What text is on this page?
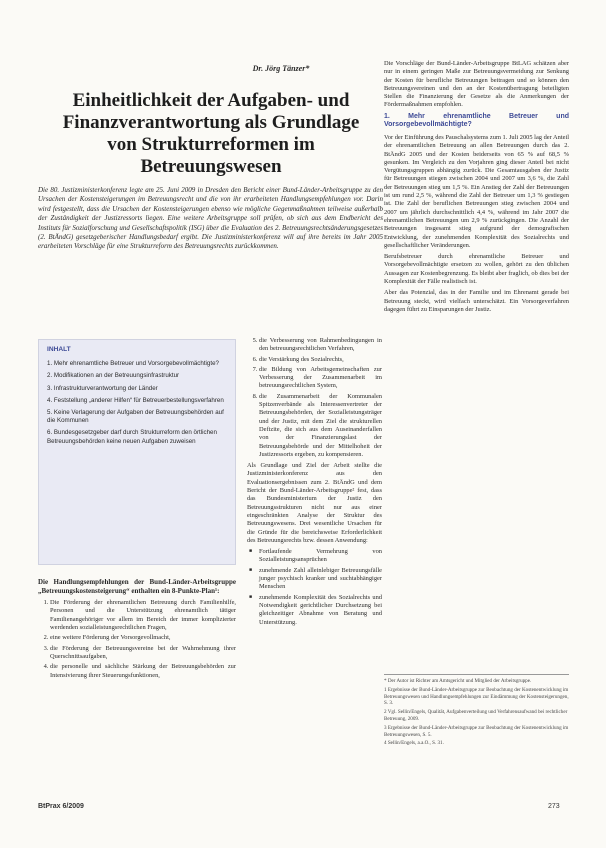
Dr. Jörg Tänzer*
Einheitlichkeit der Aufgaben- und
Finanzverantwortung als Grundlage
von Strukturreformen im
Betreuungswesen
Die 80. Justizministerkonferenz legte am 25. Juni 2009 in Dresden den Bericht einer Bund-Länder-Arbeitsgruppe zu den Ursachen der Kostensteigerungen im Betreuungsrecht und die von ihr erarbeiteten Handlungsempfehlungen vor. Darin wird festgestellt, dass die Ursachen der Kostensteigerungen ebenso wie mögliche Gegenmaßnahmen teilweise außerhalb der Zuständigkeit der Justizressorts liegen. Eine weitere Arbeitsgruppe soll prüfen, ob sich aus dem Endbericht des Instituts für Sozialforschung und Gesellschaftspolitik (ISG) über die Evaluation des 2. Betreuungsrechtsänderungsgesetzes (2. BtÄndG) gesetzgeberischer Handlungsbedarf ergibt. Die Justizministerkonferenz will auf ihre bereits im Jahr 2005 erarbeiteten Vorschläge für eine Strukturreform des Betreuungsrechts zurückkommen.
INHALT
1. Mehr ehrenamtliche Betreuer und Vorsorgebevollmächtigte?
2. Modifikationen an der Betreuungsinfrastruktur
3. Infrastrukturverantwortung der Länder
4. Feststellung „anderer Hilfen“ für Betreuerbestellungsverfahren
5. Keine Verlagerung der Aufgaben der Betreuungsbehörden auf die Kommunen
6. Bundesgesetzgeber darf durch Strukturreform den örtlichen Betreuungsbehörden keine neuen Aufgaben zuweisen
Die Handlungsempfehlungen der Bund-Länder-Arbeitsgruppe „Betreuungskostensteigerung“ enthalten ein 8-Punkte-Plan¹:
1. Die Förderung der ehrenamtlichen Betreuung durch Familienhilfe, Personen und die Unterstützung ehrenamtlich tätiger Familienangehöriger vor allem im Bereich der immer komplizierter werdenden sozialleistungsrechtlichen Fragen,
2. eine weitere Förderung der Vorsorgevollmacht,
3. die Förderung der Betreuungsvereine bei der Wahrnehmung ihrer Querschnittsaufgaben,
4. die personelle und sächliche Stärkung der Betreuungsbehörden zur Intensivierung ihrer Steuerungsfunktionen,
5. die Verbesserung von Rahmenbedingungen in den betreuungsrechtlichen Verfahren,
6. die Verstärkung des Sozialrechts,
7. die Bildung von Arbeitsgemeinschaften zur Verbesserung der Zusammenarbeit im betreuungsrechtlichen System,
8. die Zusammenarbeit der Kommunalen Spitzenverbände als Interessenvertreter der Betreuungsbehörden, der Sozialleistungsträger und der Justiz, mit dem Ziel die strukturellen Defizite, die sich aus dem Auseinanderfallen von der Finanzierungslast der Betreuungsbehörde und der Mittelhoheit der Justizressorts ergeben, zu kompensieren.

Als Grundlage und Ziel der Arbeit stellte die Justizministerkonferenz aus den Evaluationsergebnissen zum 2. BtÄndG und dem Bericht der Bund-Länder-Arbeitsgruppe² fest, dass das Bundesministerium der Justiz den Betreuungsstrukturen nicht nur aus einer eingeschränkten Analyse der Struktur des Betreuungswesens. Drei wesentliche Ursachen für die Gründe für die bereichsweise Erforderlichkeit des Betreuungsrechts bzw. dessen Anwendung:

■ Fortlaufende Vermehrung von Sozialleistungsansprüchen
■ zunehmende Zahl alleinlebiger Betreuungsfälle junger psychisch kranker und suchtabhängiger Menschen
■ zunehmende Komplexität des Sozialrechts und Notwendigkeit gerichtlicher Durchsetzung bei gleichzeitiger Abnahme von Beratung und Unterstützung.

Die Vorschläge der Bund-Länder-Arbeitsgruppe BtLAG schätzen aber nur in einem geringen Maße zur Betreuungsvermeidung zur Senkung der Kosten für berufliche Betreuungen beitragen und so können den Betreuungsvereinen und den an der Kostenübertragung beteiligten Stellen die Finanzierung der Gesetze als die Anmerkungen der Fördermaßnahmen empfohlen.

1. Mehr ehrenamtliche Betreuer und Vorsorgebevollmächtigte?

Vor der Einführung des Pauschalsystems zum 1. Juli 2005 lag der Anteil der ehrenamtlichen Betreuung an allen Betreuungen durch das 2. BtÄndG 2005 und der Kosten beiderseits von 65 % auf 68,5 % gesunken. Im Vergleich zu den Vorjahren ging dieser Anteil bei nicht Vergütungsgruppen abhängig zurück. Die Gesamtausgaben der Justiz für Betreuungen stiegen zwischen 2004 und 2007 um 3,6 %, die Zahl der Betreuungen stieg um 1,5 %. Ein Anstieg der Zahl der Betreuungen ist um rund 2,5 %, während die Zahl der Betreuer um 1,3 % gestiegen ist. Die Zahl der beruflichen Betreuungen stieg zwischen 2004 und 2007 um jährlich durchschnittlich 4,4 %, während im Jahr 2007 die ehrenamtlichen Betreuungen um 2,9 % zurückgingen. Die Anzahl der Betreuungen insgesamt stieg aufgrund der demografischen Entwicklung, der zunehmenden Komplexität des Sozialrechts und gesellschaftlicher Veränderungen.

Berufsbetreuer durch ehrenamtliche Betreuer und Vorsorgebevollmächtigte ersetzen zu wollen, gehört zu den üblichen Aussagen zur Kostenbegrenzung. Es bleibt aber fraglich, ob dies bei der Komplexität der Fälle realistisch ist.

Aber das Potenzial, das in der Familie und im Ehrenamt gerade bei Betreuung steckt, wird vielfach unterschätzt. Ein Vorsorgeverfahren dagegen führt zu Einsparungen der Justiz.

* Der Autor ist Richter am Amtsgericht und Mitglied der Arbeitsgruppe.
1 Ergebnisse der Bund-Länder-Arbeitsgruppe zur Beobachtung der Kostenentwicklung im Betreuungswesen und Handlungsempfehlungen zur Eindämmung der Kostensteigerungen, S. 3.
2 Vgl. Sellin/Engels, Qualität, Aufgabenverteilung und Verfahrensaufwand bei rechtlicher Betreuung, 2009.
3 Ergebnisse der Bund-Länder-Arbeitsgruppe zur Beobachtung der Kostenentwicklung im Betreuungswesen, S. 5.
4 Sellin/Engels, a.a.O., S. 31.
BtPrax 6/2009	273
